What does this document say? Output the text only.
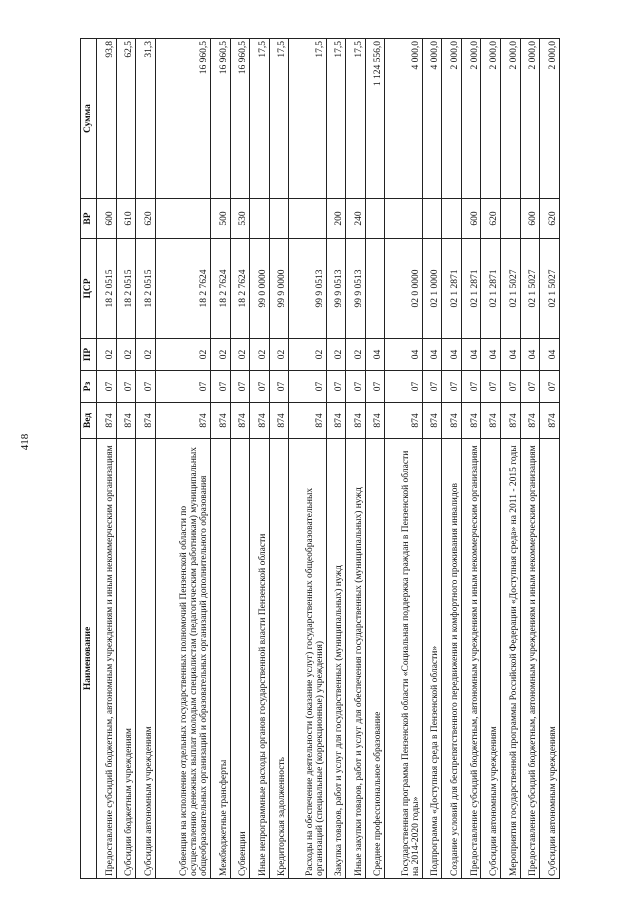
418
Наименование	Вед	Рз	ПР	ЦСР	ВР	Сумма
Предоставление субсидий бюджетным, автономным учреждениям и иным некоммерческим организациям	874	07	02	18 2 0515	600	93,8
Субсидии бюджетным учреждениям	874	07	02	18 2 0515	610	62,5
Субсидии автономным учреждениям	874	07	02	18 2 0515	620	31,3
Субвенция на исполнение отдельных государственных полномочий Пензенской области по осуществлению денежных выплат молодым специалистам (педагогическим работникам) муниципальных общеобразовательных организаций и образовательных организаций дополнительного образования	874	07	02	18 2 7624		16 960,5
Межбюджетные трансферты	874	07	02	18 2 7624	500	16 960,5
Субвенции	874	07	02	18 2 7624	530	16 960,5
Иные непрограммные расходы органов государственной власти Пензенской области	874	07	02	99 0 0000		17,5
Кредиторская задолженность	874	07	02	99 9 0000		17,5
Расходы на обеспечение деятельности (оказание услуг) государственных общеобразовательных организаций (специальные (коррекционные) учреждения)	874	07	02	99 9 0513		17,5
Закупка товаров, работ и услуг для государственных (муниципальных) нужд	874	07	02	99 9 0513	200	17,5
Иные закупки товаров, работ и услуг для обеспечения государственных (муниципальных) нужд	874	07	02	99 9 0513	240	17,5
Среднее профессиональное образование	874	07	04			1 124 556,0
Государственная программа Пензенской области «Социальная поддержка граждан в Пензенской области на 2014-2020 годы»	874	07	04	02 0 0000		4 000,0
Подпрограмма «Доступная среда в Пензенской области»	874	07	04	02 1 0000		4 000,0
Создание условий для беспрепятственного передвижения и комфортного проживания инвалидов	874	07	04	02 1 2871		2 000,0
Предоставление субсидий бюджетным, автономным учреждениям и иным некоммерческим организациям	874	07	04	02 1 2871	600	2 000,0
Субсидии автономным учреждениям	874	07	04	02 1 2871	620	2 000,0
Мероприятия государственной программы Российской Федерации «Доступная среда» на 2011 - 2015 годы	874	07	04	02 1 5027		2 000,0
Предоставление субсидий бюджетным, автономным учреждениям и иным некоммерческим организациям	874	07	04	02 1 5027	600	2 000,0
Субсидии автономным учреждениям	874	07	04	02 1 5027	620	2 000,0
